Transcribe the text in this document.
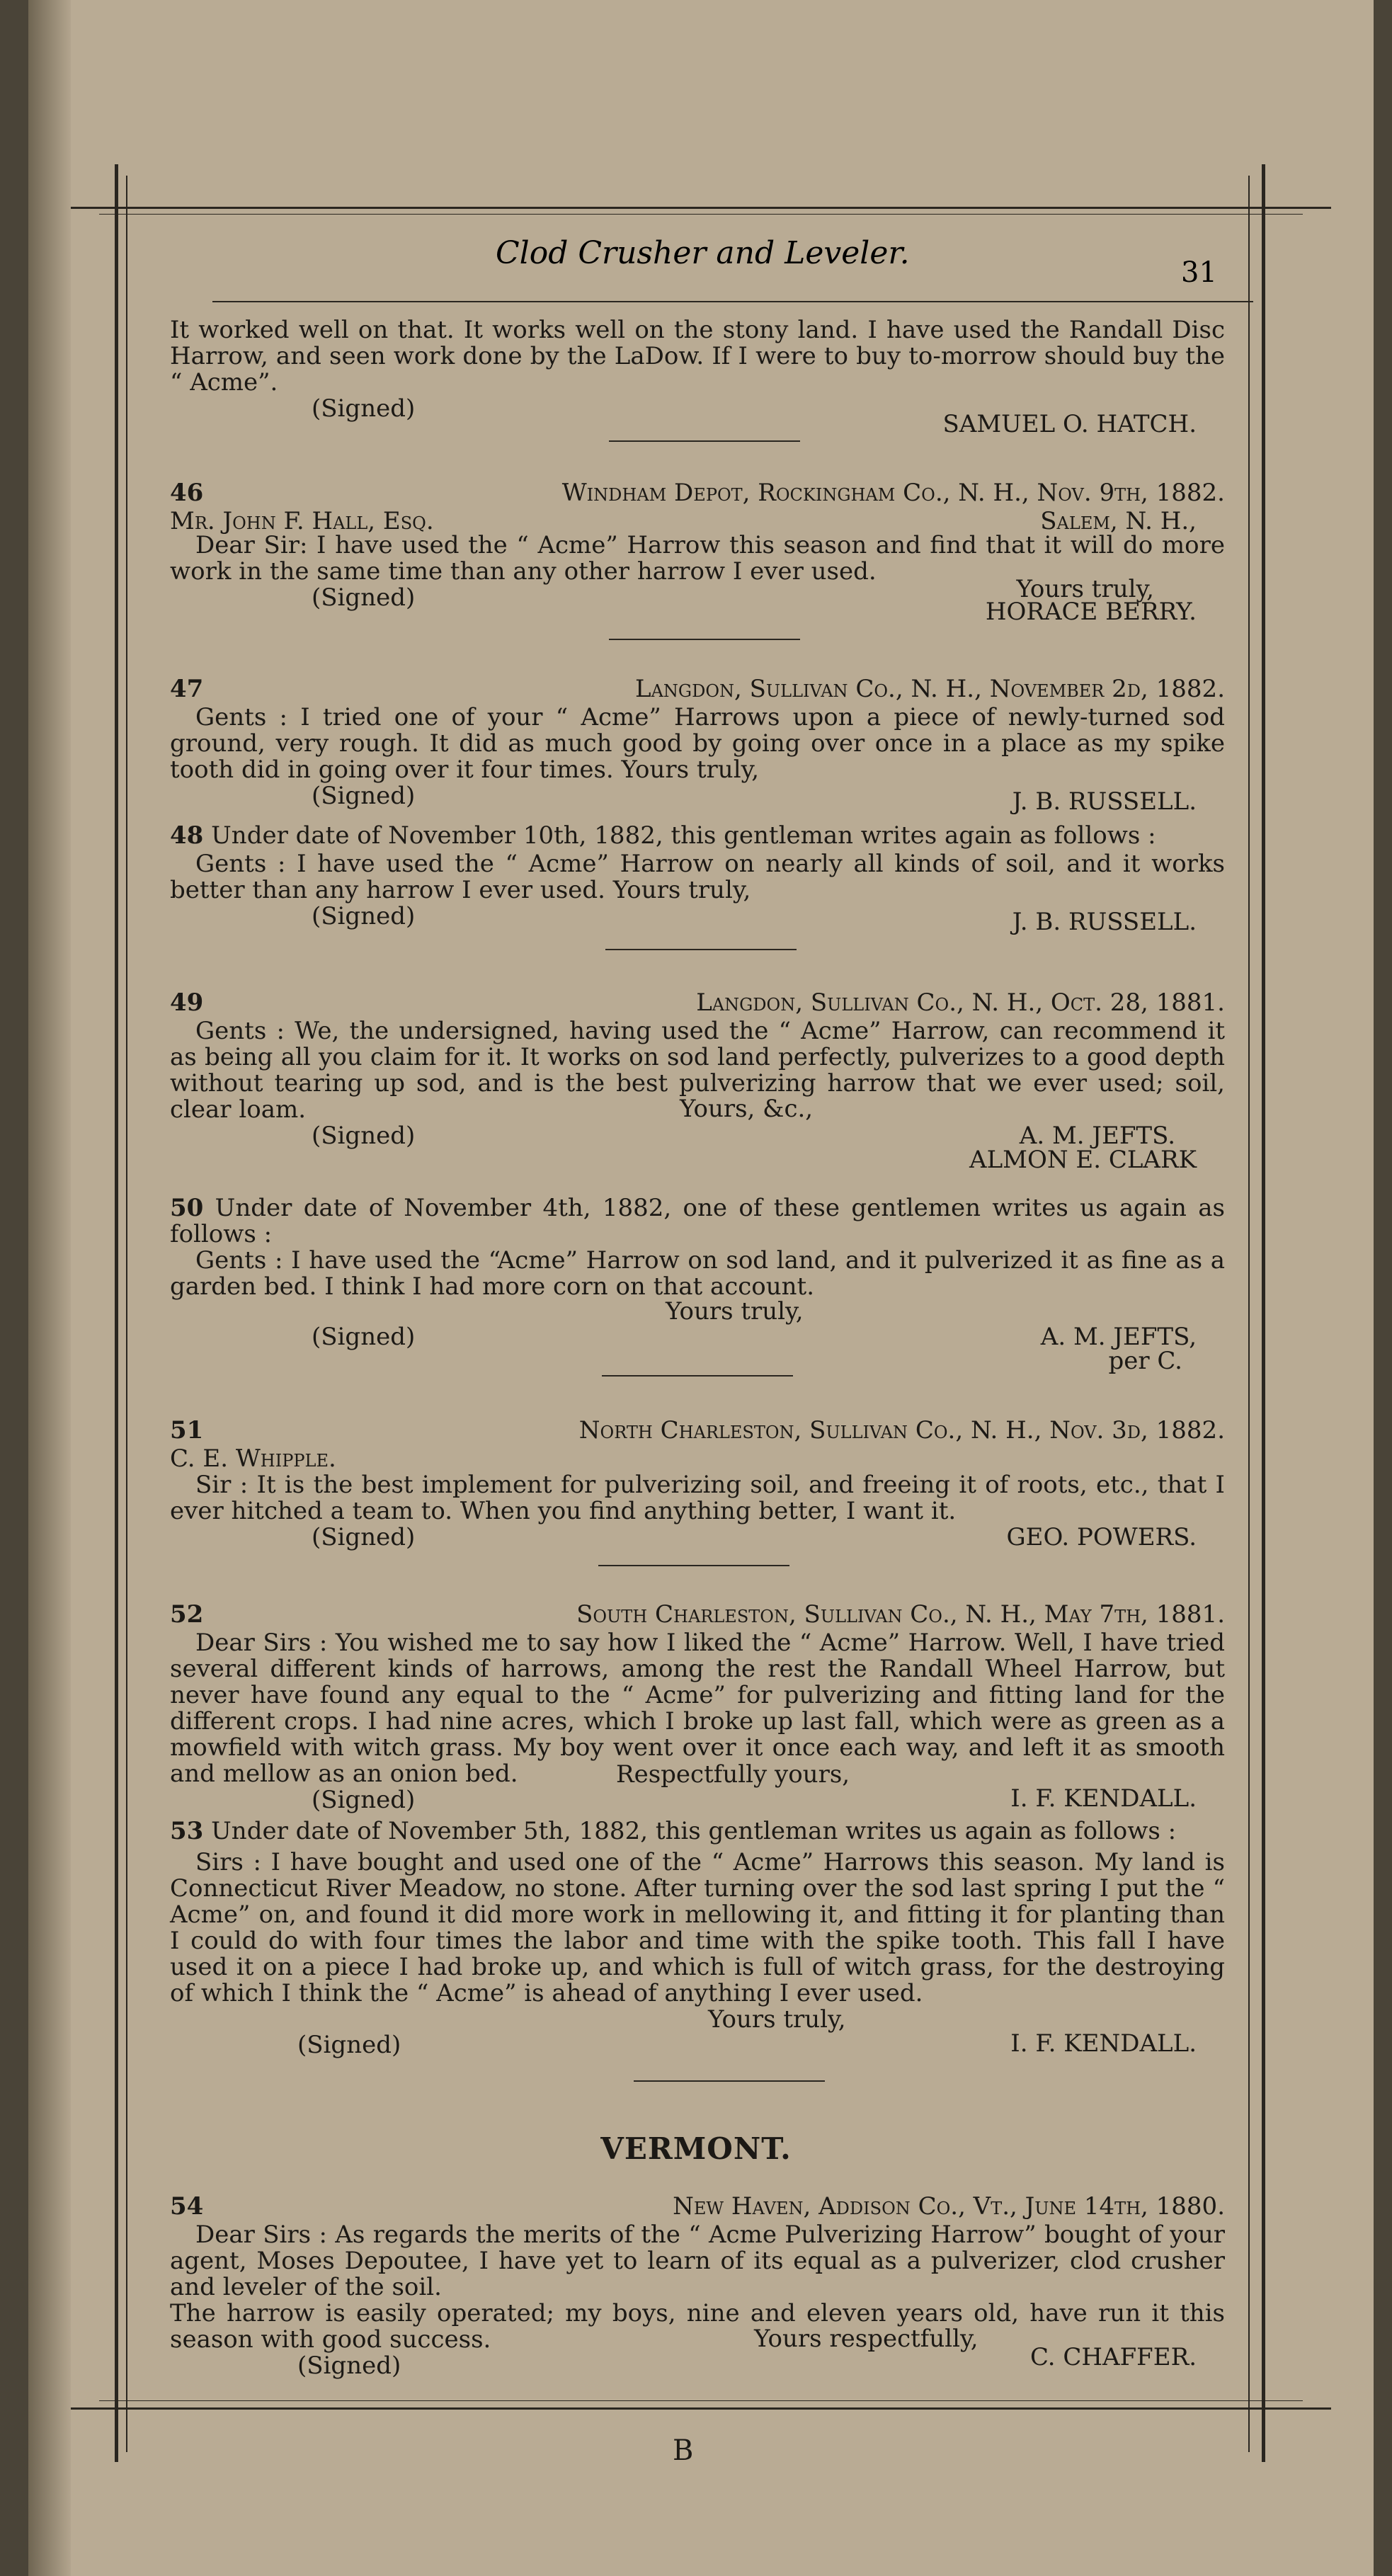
Clod Crusher and Leveler.
31

It worked well on that. It works well on the stony land. I have used the Randall Disc Harrow, and seen work done by the LaDow. If I were to buy to-morrow should buy the “ Acme”.

(Signed)
SAMUEL O. HATCH.
46	Windham Depot, Rockingham Co., N. H., Nov. 9th, 1882.
Mr. John F. Hall, Esq.	Salem, N. H.,

Dear Sir: I have used the “ Acme” Harrow this season and find that it will do more work in the same time than any other harrow I ever used.

(Signed)	Yours truly,
HORACE BERRY.
47	Langdon, Sullivan Co., N. H., November 2d, 1882.

Gents : I tried one of your “ Acme” Harrows upon a piece of newly-turned sod ground, very rough. It did as much good by going over once in a place as my spike tooth did in going over it four times. Yours truly,

(Signed)	J. B. RUSSELL.
48 Under date of November 10th, 1882, this gentleman writes again as follows :

Gents : I have used the “ Acme” Harrow on nearly all kinds of soil, and it works better than any harrow I ever used. Yours truly,

(Signed)	J. B. RUSSELL.
49	Langdon, Sullivan Co., N. H., Oct. 28, 1881.

Gents : We, the undersigned, having used the “ Acme” Harrow, can recommend it as being all you claim for it. It works on sod land perfectly, pulverizes to a good depth without tearing up sod, and is the best pulverizing harrow that we ever used; soil, clear loam.	Yours, &c.,
(Signed)	A. M. JEFTS.
ALMON E. CLARK

50 Under date of November 4th, 1882, one of these gentlemen writes us again as follows :

Gents : I have used the “Acme” Harrow on sod land, and it pulverized it as fine as a garden bed. I think I had more corn on that account.

Yours truly,
(Signed)	A. M. JEFTS,
per C.
51	North Charleston, Sullivan Co., N. H., Nov. 3d, 1882.
C. E. Whipple.

Sir : It is the best implement for pulverizing soil, and freeing it of roots, etc., that I ever hitched a team to. When you find anything better, I want it.

(Signed)	GEO. POWERS.
52	South Charleston, Sullivan Co., N. H., May 7th, 1881.

Dear Sirs : You wished me to say how I liked the “ Acme” Harrow. Well, I have tried several different kinds of harrows, among the rest the Randall Wheel Harrow, but never have found any equal to the “ Acme” for pulverizing and fitting land for the different crops. I had nine acres, which I broke up last fall, which were as green as a mowfield with witch grass. My boy went over it once each way, and left it as smooth and mellow as an onion bed.	Respectfully yours,
(Signed)	I. F. KENDALL.
53 Under date of November 5th, 1882, this gentleman writes us again as follows :

Sirs : I have bought and used one of the “ Acme” Harrows this season. My land is Connecticut River Meadow, no stone. After turning over the sod last spring I put the “ Acme” on, and found it did more work in mellowing it, and fitting it for planting than I could do with four times the labor and time with the spike tooth. This fall I have used it on a piece I had broke up, and which is full of witch grass, for the destroying of which I think the “ Acme” is ahead of anything I ever used.

Yours truly,
(Signed)	I. F. KENDALL.
VERMONT.
54	New Haven, Addison Co., Vt., June 14th, 1880.

Dear Sirs : As regards the merits of the “ Acme Pulverizing Harrow” bought of your agent, Moses Depoutee, I have yet to learn of its equal as a pulverizer, clod crusher and leveler of the soil.

The harrow is easily operated; my boys, nine and eleven years old, have run it this season with good success.	Yours respectfully,
(Signed)	C. CHAFFER.
B
